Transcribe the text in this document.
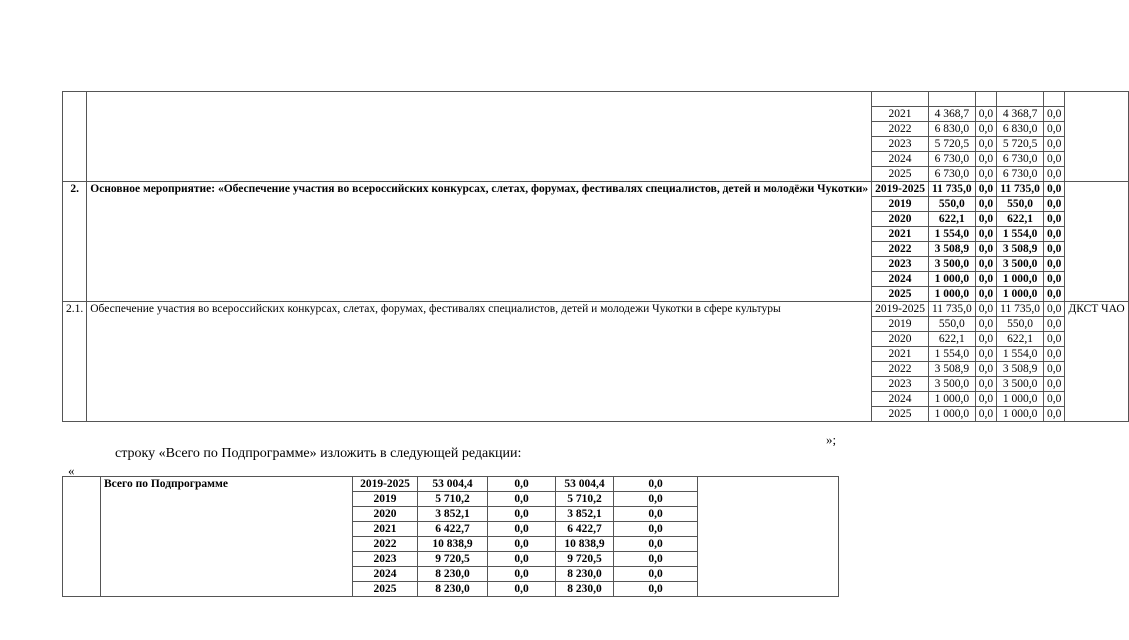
		2021	4 368,7	0,0	4 368,7	0,0	
		2022	6 830,0	0,0	6 830,0	0,0	
		2023	5 720,5	0,0	5 720,5	0,0	
		2024	6 730,0	0,0	6 730,0	0,0	
		2025	6 730,0	0,0	6 730,0	0,0	
2.	Основное мероприятие: «Обеспечение участия во всероссийских конкурсах, слетах, форумах, фестивалях специалистов, детей и молодёжи Чукотки»	2019-2025	11 735,0	0,0	11 735,0	0,0	
		2019	550,0	0,0	550,0	0,0	
		2020	622,1	0,0	622,1	0,0	
		2021	1 554,0	0,0	1 554,0	0,0	
		2022	3 508,9	0,0	3 508,9	0,0	
		2023	3 500,0	0,0	3 500,0	0,0	
		2024	1 000,0	0,0	1 000,0	0,0	
		2025	1 000,0	0,0	1 000,0	0,0	
2.1.	Обеспечение участия во всероссийских конкурсах, слетах, форумах, фестивалях специалистов, детей и молодежи Чукотки в сфере культуры	2019-2025	11 735,0	0,0	11 735,0	0,0	ДКСТ ЧАО
		2019	550,0	0,0	550,0	0,0	
		2020	622,1	0,0	622,1	0,0	
		2021	1 554,0	0,0	1 554,0	0,0	
		2022	3 508,9	0,0	3 508,9	0,0	
		2023	3 500,0	0,0	3 500,0	0,0	
		2024	1 000,0	0,0	1 000,0	0,0	
		2025	1 000,0	0,0	1 000,0	0,0	
»;
строку «Всего по Подпрограмме» изложить в следующей редакции:
«
	Всего по Подпрограмме	2019-2025	53 004,4	0,0	53 004,4	0,0	
		2019	5 710,2	0,0	5 710,2	0,0	
		2020	3 852,1	0,0	3 852,1	0,0	
		2021	6 422,7	0,0	6 422,7	0,0	
		2022	10 838,9	0,0	10 838,9	0,0	
		2023	9 720,5	0,0	9 720,5	0,0	
		2024	8 230,0	0,0	8 230,0	0,0	
		2025	8 230,0	0,0	8 230,0	0,0	
